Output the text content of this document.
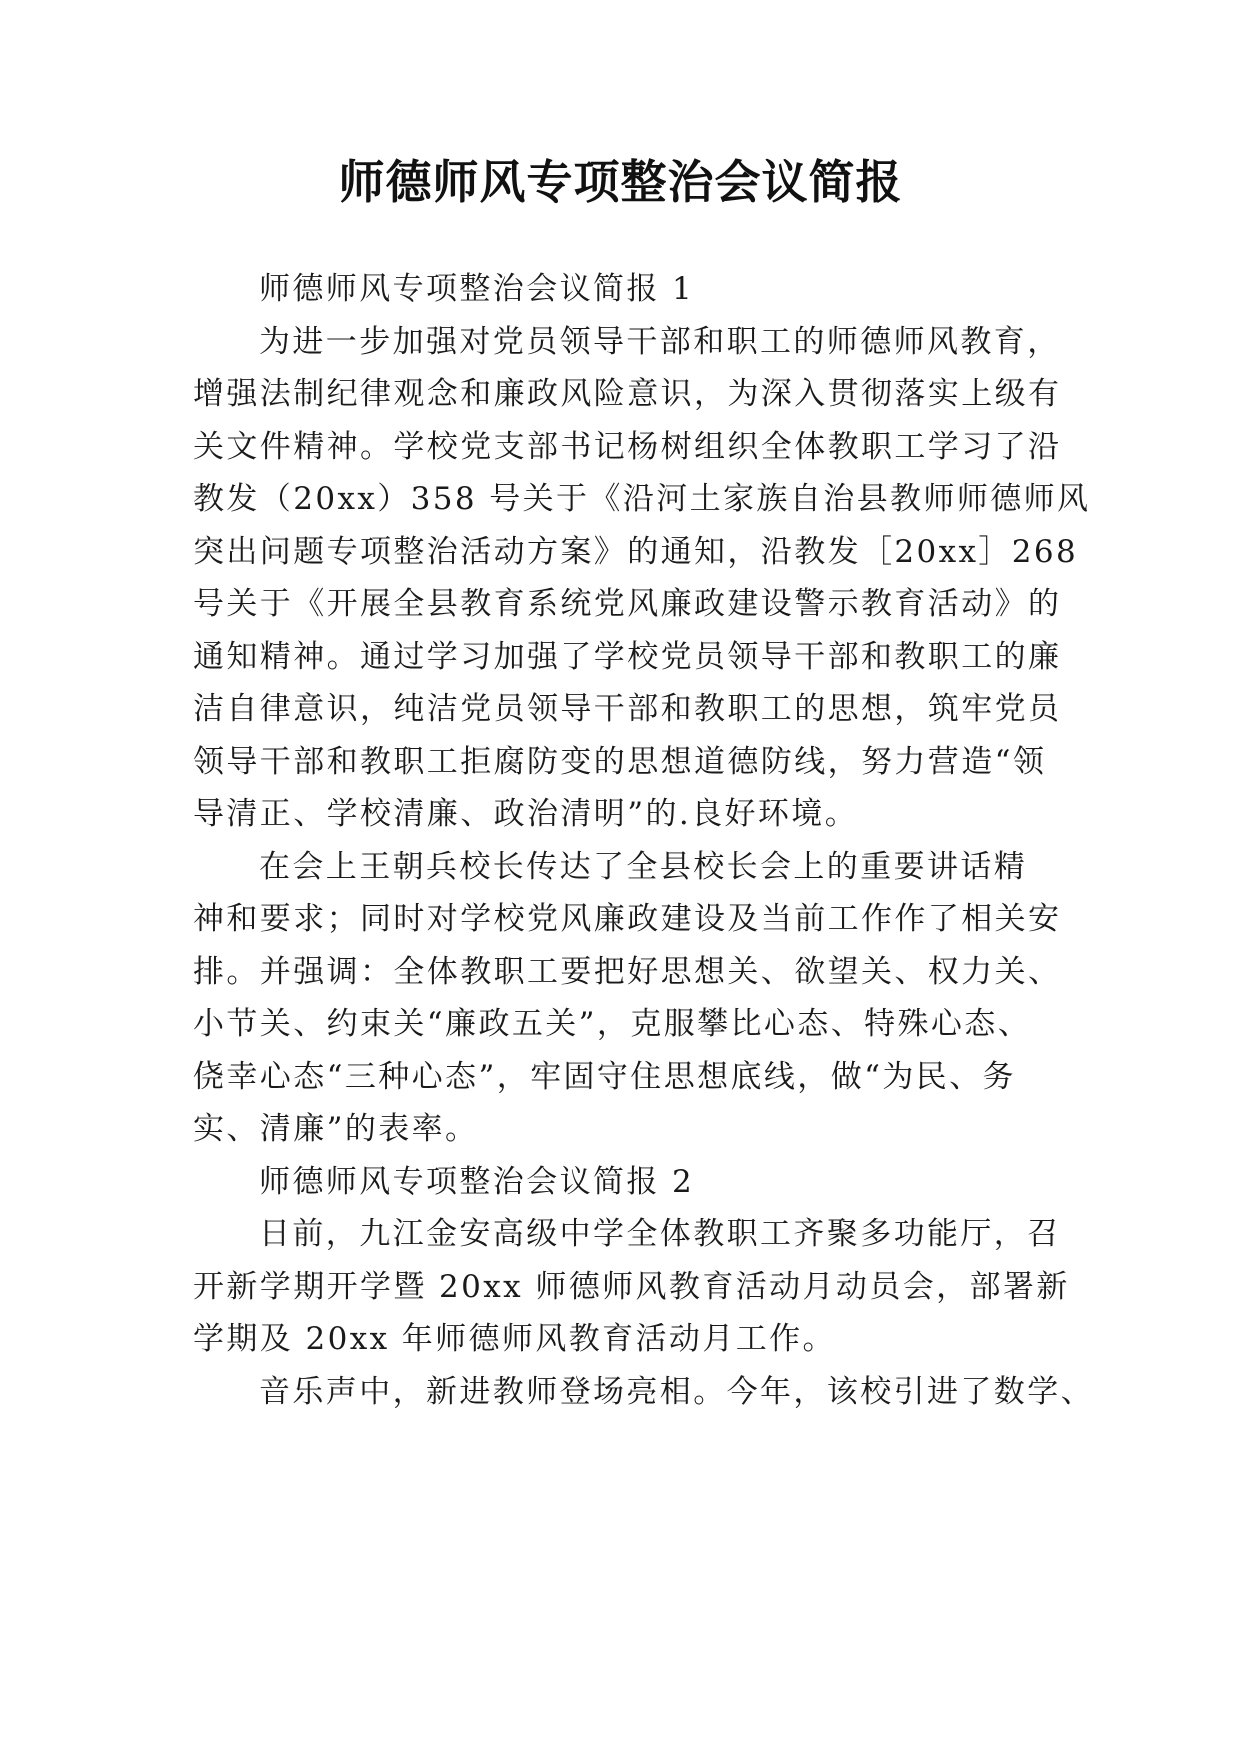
师德师风专项整治会议简报
师德师风专项整治会议简报 1
为进一步加强对党员领导干部和职工的师德师风教育，
增强法制纪律观念和廉政风险意识，为深入贯彻落实上级有
关文件精神。学校党支部书记杨树组织全体教职工学习了沿
教发（20xx）358 号关于《沿河土家族自治县教师师德师风
突出问题专项整治活动方案》的通知，沿教发［20xx］268
号关于《开展全县教育系统党风廉政建设警示教育活动》的
通知精神。通过学习加强了学校党员领导干部和教职工的廉
洁自律意识，纯洁党员领导干部和教职工的思想，筑牢党员
领导干部和教职工拒腐防变的思想道德防线，努力营造“领
导清正、学校清廉、政治清明”的.良好环境。
在会上王朝兵校长传达了全县校长会上的重要讲话精
神和要求；同时对学校党风廉政建设及当前工作作了相关安
排。并强调：全体教职工要把好思想关、欲望关、权力关、
小节关、约束关“廉政五关”，克服攀比心态、特殊心态、
侥幸心态“三种心态”，牢固守住思想底线，做“为民、务
实、清廉”的表率。
师德师风专项整治会议简报 2
日前，九江金安高级中学全体教职工齐聚多功能厅，召
开新学期开学暨 20xx 师德师风教育活动月动员会，部署新
学期及 20xx 年师德师风教育活动月工作。
音乐声中，新进教师登场亮相。今年，该校引进了数学、
